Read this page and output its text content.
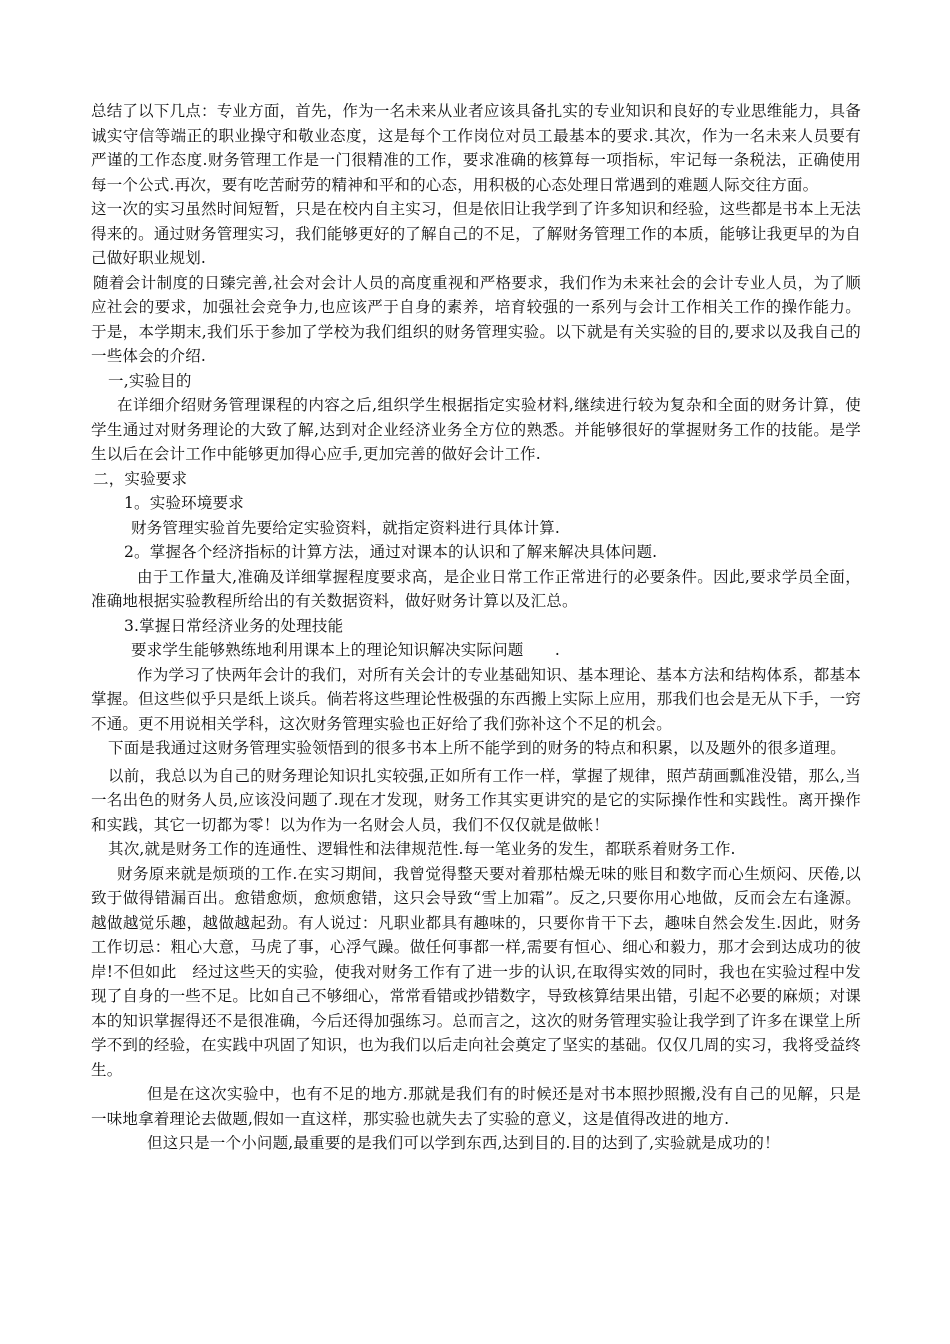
总结了以下几点：专业方面，首先，作为一名未来从业者应该具备扎实的专业知识和良好的专业思维能力，具备诚实守信等端正的职业操守和敬业态度，这是每个工作岗位对员工最基本的要求.其次，作为一名未来人员要有严谨的工作态度.财务管理工作是一门很精准的工作，要求准确的核算每一项指标，牢记每一条税法，正确使用每一个公式.再次，要有吃苦耐劳的精神和平和的心态，用积极的心态处理日常遇到的难题人际交往方面。

这一次的实习虽然时间短暂，只是在校内自主实习，但是依旧让我学到了许多知识和经验，这些都是书本上无法得来的。通过财务管理实习，我们能够更好的了解自己的不足，了解财务管理工作的本质，能够让我更早的为自己做好职业规划.

随着会计制度的日臻完善,社会对会计人员的高度重视和严格要求，我们作为未来社会的会计专业人员，为了顺应社会的要求，加强社会竞争力,也应该严于自身的素养，培育较强的一系列与会计工作相关工作的操作能力。于是，本学期末,我们乐于参加了学校为我们组织的财务管理实验。以下就是有关实验的目的,要求以及我自己的一些体会的介绍.

一,实验目的

在详细介绍财务管理课程的内容之后,组织学生根据指定实验材料,继续进行较为复杂和全面的财务计算，使学生通过对财务理论的大致了解,达到对企业经济业务全方位的熟悉。并能够很好的掌握财务工作的技能。是学生以后在会计工作中能够更加得心应手,更加完善的做好会计工作.

二，实验要求

1。实验环境要求

财务管理实验首先要给定实验资料，就指定资料进行具体计算.

2。掌握各个经济指标的计算方法，通过对课本的认识和了解来解决具体问题.

由于工作量大,准确及详细掌握程度要求高，是企业日常工作正常进行的必要条件。因此,要求学员全面，准确地根据实验教程所给出的有关数据资料，做好财务计算以及汇总。

3.掌握日常经济业务的处理技能

要求学生能够熟练地利用课本上的理论知识解决实际问题　　.

作为学习了快两年会计的我们，对所有关会计的专业基础知识、基本理论、基本方法和结构体系，都基本掌握。但这些似乎只是纸上谈兵。倘若将这些理论性极强的东西搬上实际上应用，那我们也会是无从下手，一窍不通。更不用说相关学科，这次财务管理实验也正好给了我们弥补这个不足的机会。

下面是我通过这财务管理实验领悟到的很多书本上所不能学到的财务的特点和积累，以及题外的很多道理。

以前，我总以为自己的财务理论知识扎实较强,正如所有工作一样，掌握了规律，照芦葫画瓢准没错，那么,当一名出色的财务人员,应该没问题了.现在才发现，财务工作其实更讲究的是它的实际操作性和实践性。离开操作和实践，其它一切都为零！以为作为一名财会人员，我们不仅仅就是做帐！

其次,就是财务工作的连通性、逻辑性和法律规范性.每一笔业务的发生，都联系着财务工作.

财务原来就是烦琐的工作.在实习期间，我曾觉得整天要对着那枯燥无味的账目和数字而心生烦闷、厌倦,以致于做得错漏百出。愈错愈烦，愈烦愈错，这只会导致“雪上加霜”。反之,只要你用心地做，反而会左右逢源。越做越觉乐趣，越做越起劲。有人说过：凡职业都具有趣味的，只要你肯干下去，趣味自然会发生.因此，财务工作切忌：粗心大意，马虎了事，心浮气躁。做任何事都一样,需要有恒心、细心和毅力，那才会到达成功的彼岸!不但如此　经过这些天的实验，使我对财务工作有了进一步的认识,在取得实效的同时，我也在实验过程中发现了自身的一些不足。比如自己不够细心，常常看错或抄错数字，导致核算结果出错，引起不必要的麻烦；对课本的知识掌握得还不是很准确，今后还得加强练习。总而言之，这次的财务管理实验让我学到了许多在课堂上所学不到的经验，在实践中巩固了知识，也为我们以后走向社会奠定了坚实的基础。仅仅几周的实习，我将受益终生。

但是在这次实验中，也有不足的地方.那就是我们有的时候还是对书本照抄照搬,没有自己的见解，只是一味地拿着理论去做题,假如一直这样，那实验也就失去了实验的意义，这是值得改进的地方.

但这只是一个小问题,最重要的是我们可以学到东西,达到目的.目的达到了,实验就是成功的！
